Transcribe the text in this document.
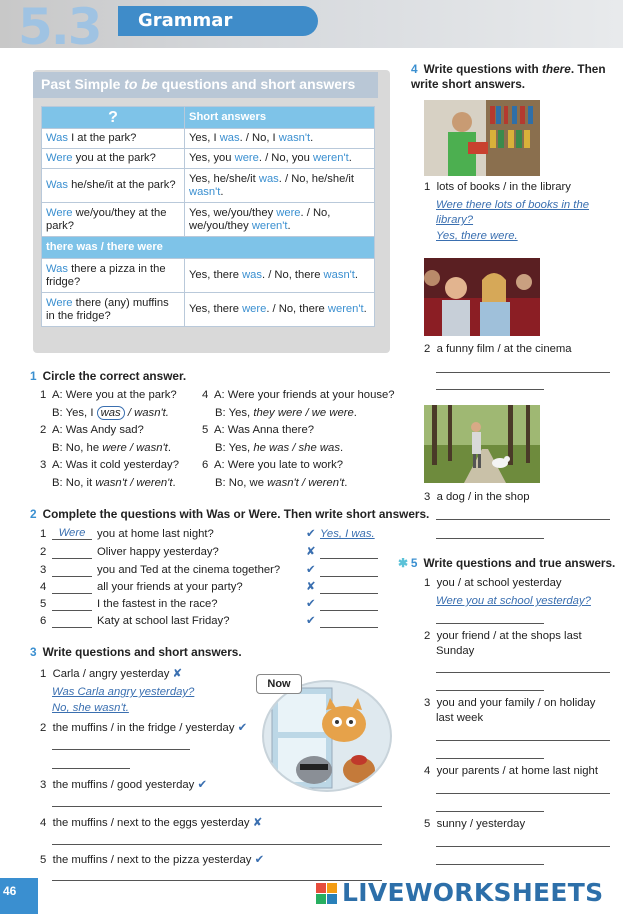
5.3 Grammar
Past Simple to be questions and short answers
?	Short answers
Was I at the park?	Yes, I was. / No, I wasn't.
Were you at the park?	Yes, you were. / No, you weren't.
Was he/she/it at the park?	Yes, he/she/it was. / No, he/she/it wasn't.
Were we/you/they at the park?	Yes, we/you/they were. / No, we/you/they weren't.
there was / there were	
Was there a pizza in the fridge?	Yes, there was. / No, there wasn't.
Were there (any) muffins in the fridge?	Yes, there were. / No, there weren't.
1 Circle the correct answer.
1 A: Were you at the park?
B: Yes, I was / wasn't.
2 A: Was Andy sad?
B: No, he were / wasn't.
3 A: Was it cold yesterday?
B: No, it wasn't / weren't.
4 A: Were your friends at your house?
B: Yes, they were / we were.
5 A: Was Anna there?
B: Yes, he was / she was.
6 A: Were you late to work?
B: No, we wasn't / weren't.
2 Complete the questions with Was or Were. Then write short answers.
1	Were	you at home last night?	✔ Yes, I was.
2	Oliver happy yesterday?	✘
3	you and Ted at the cinema together? ✔
4	all your friends at your party?	✘
5	I the fastest in the race?	✔
6	Katy at school last Friday?	✔
3 Write questions and short answers.
1 Carla / angry yesterday ✘
Was Carla angry yesterday?
No, she wasn't.
2 the muffins / in the fridge / yesterday ✔
3 the muffins / good yesterday ✔
4 the muffins / next to the eggs yesterday ✘
5 the muffins / next to the pizza yesterday ✔
Now
4 Write questions with there. Then write short answers.
1 lots of books / in the library
Were there lots of books in the
library?
Yes, there were.
2 a funny film / at the cinema
3 a dog / in the shop
✱ 5 Write questions and true answers.
1 you / at school yesterday
Were you at school yesterday?
2 your friend / at the shops last
Sunday
3 you and your family / on holiday
last week
4 your parents / at home last night
5 sunny / yesterday
46	LIVEWORKSHEETS
